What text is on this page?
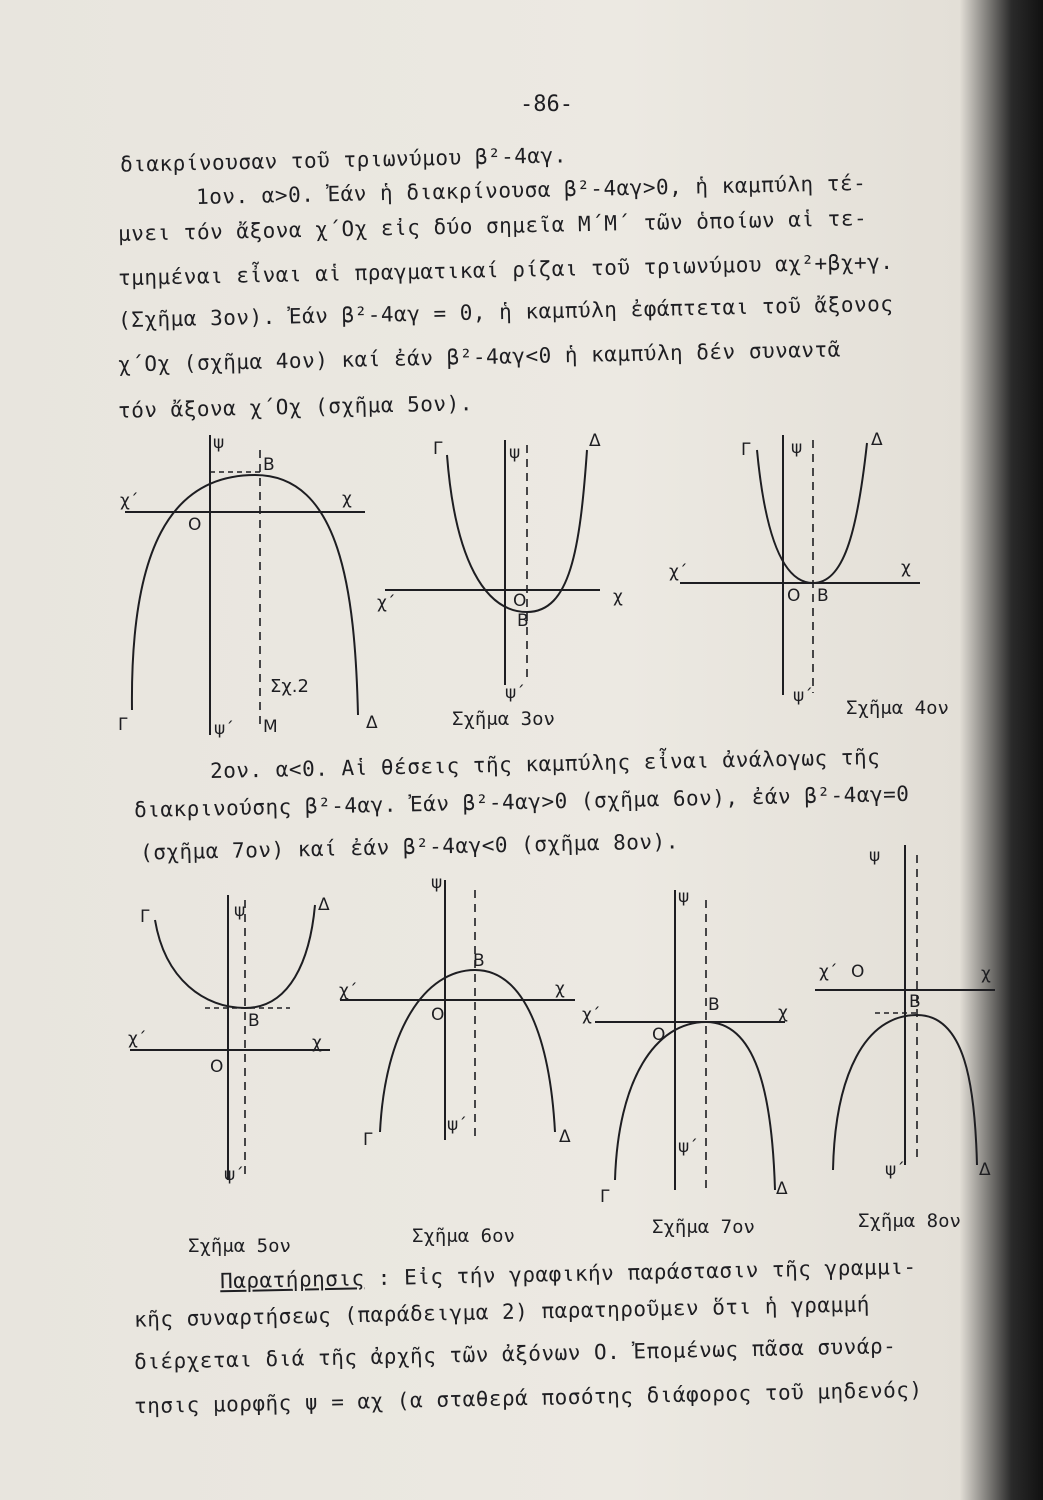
-86-
διακρίνουσαν τοῦ τριωνύμου β²-4αγ.
1ον. α>0. Ἐάν ἡ διακρίνουσα β²-4αγ>0, ἡ καμπύλη τέ-
μνει τόν ἄξονα χ΄Οχ εἰς δύο σημεῖα Μ΄Μ΄ τῶν ὁποίων αἱ τε-
τμημέναι εἶναι αἱ πραγματικαί ρίζαι τοῦ τριωνύμου αχ²+βχ+γ.
(Σχῆμα 3ον). Ἐάν β²-4αγ = 0, ἡ καμπύλη ἐφάπτεται τοῦ ἄξονος
χ΄Οχ (σχῆμα 4ον) καί ἐάν β²-4αγ<0 ἡ καμπύλη δέν συναντᾶ
τόν ἄξονα χ΄Οχ (σχῆμα 5ον).
ψ
Β
χ΄	χ
Ο
Γ	Δ
ψ΄ Μ
Σχ.2
Γ	ψ
Δ
χ΄	χ
Ο
Β
ψ΄
Σχῆμα 3ον
Γ ψ	Δ
χ΄	χ
Ο Β
ψ΄
Σχῆμα 4ον
2ον. α<0. Αἱ θέσεις τῆς καμπύλης εἶναι ἀνάλογως τῆς
διακρινούσης β²-4αγ. Ἐάν β²-4αγ>0 (σχῆμα 6ον), ἐάν β²-4αγ=0
(σχῆμα 7ον) καί ἐάν β²-4αγ<0 (σχῆμα 8ον).
Γ	ψ	Δ
Β
χ΄	χ
Ο
ψ΄
Σχῆμα 5ον
ψ
Β
χ΄	χ
Ο
ψ΄
Γ	Δ
Σχῆμα 6ον
ψ
χ΄	Β	χ
Ο
ψ΄
Γ	Δ
Σχῆμα 7ον
ψ
χ΄ Ο	χ
Β
ψ΄	Δ
Σχῆμα 8ον
Παρατήρησις : Εἰς τήν γραφικήν παράστασιν τῆς γραμμι-
κῆς συναρτήσεως (παράδειγμα 2) παρατηροῦμεν ὅτι ἡ γραμμή
διέρχεται διά τῆς ἀρχῆς τῶν ἀξόνων Ο. Ἐπομένως πᾶσα συνάρ-
τησις μορφῆς ψ = αχ (α σταθερά ποσότης διάφορος τοῦ μηδενός)
